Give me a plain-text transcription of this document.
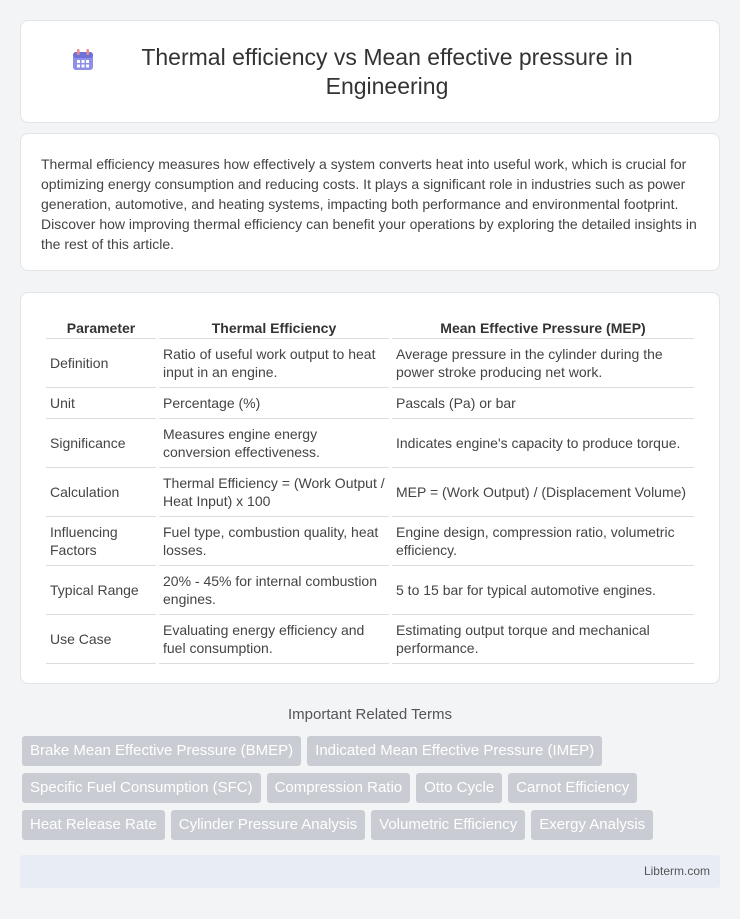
Thermal efficiency vs Mean effective pressure in Engineering

Thermal efficiency measures how effectively a system converts heat into useful work, which is crucial for optimizing energy consumption and reducing costs. It plays a significant role in industries such as power generation, automotive, and heating systems, impacting both performance and environmental footprint. Discover how improving thermal efficiency can benefit your operations by exploring the detailed insights in the rest of this article.

Parameter	Thermal Efficiency	Mean Effective Pressure (MEP)
Definition	Ratio of useful work output to heat input in an engine.	Average pressure in the cylinder during the power stroke producing net work.
Unit	Percentage (%)	Pascals (Pa) or bar
Significance	Measures engine energy conversion effectiveness.	Indicates engine's capacity to produce torque.
Calculation	Thermal Efficiency = (Work Output / Heat Input) x 100	MEP = (Work Output) / (Displacement Volume)
Influencing Factors	Fuel type, combustion quality, heat losses.	Engine design, compression ratio, volumetric efficiency.
Typical Range	20% - 45% for internal combustion engines.	5 to 15 bar for typical automotive engines.
Use Case	Evaluating energy efficiency and fuel consumption.	Estimating output torque and mechanical performance.
Important Related Terms
Brake Mean Effective Pressure (BMEP)	Indicated Mean Effective Pressure (IMEP)
Specific Fuel Consumption (SFC)	Compression Ratio	Otto Cycle	Carnot Efficiency
Heat Release Rate	Cylinder Pressure Analysis	Volumetric Efficiency	Exergy Analysis
Libterm.com
